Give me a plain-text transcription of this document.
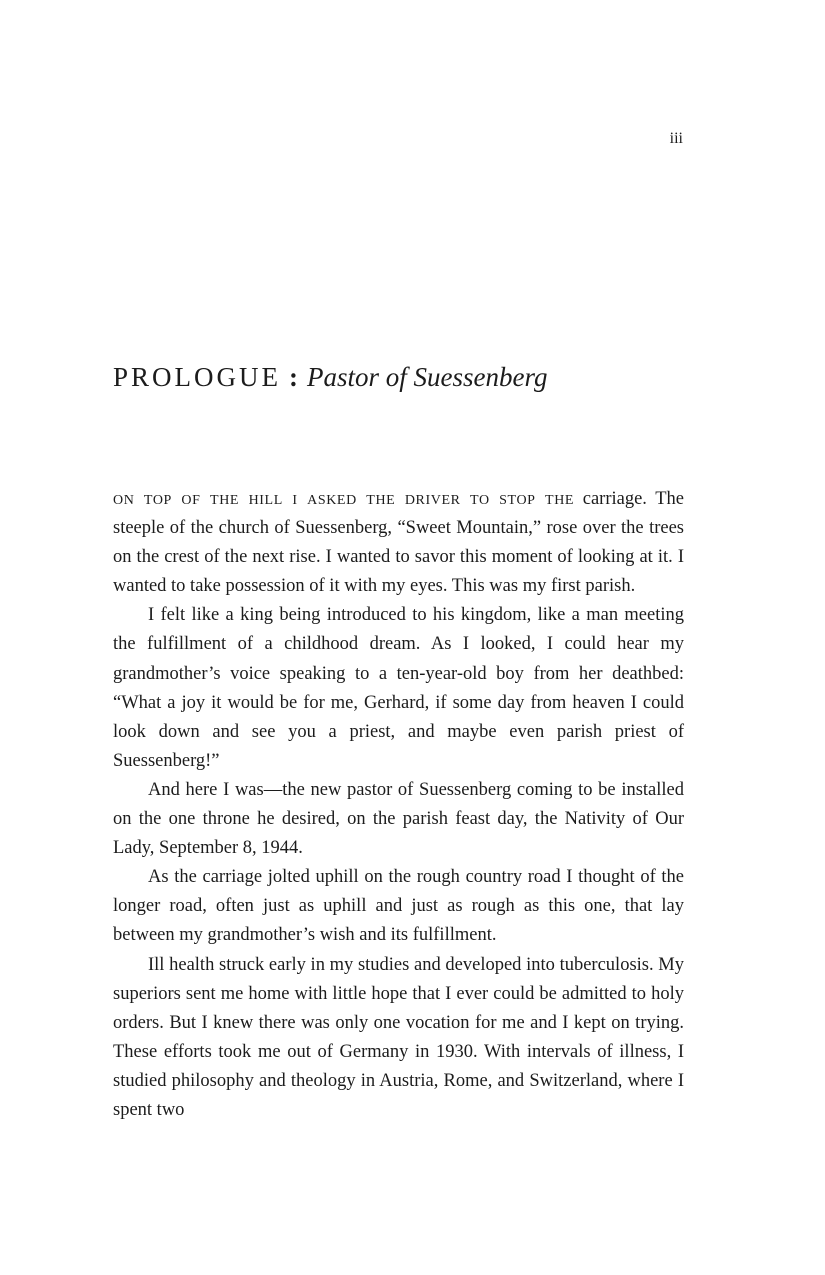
iii
PROLOGUE : Pastor of Suessenberg

on top of the hill i asked the driver to stop the carriage. The steeple of the church of Suessenberg, “Sweet Mountain,” rose over the trees on the crest of the next rise. I wanted to savor this moment of looking at it. I wanted to take possession of it with my eyes. This was my first parish.

I felt like a king being introduced to his kingdom, like a man meeting the fulfillment of a childhood dream. As I looked, I could hear my grandmother’s voice speaking to a ten-year-old boy from her deathbed: “What a joy it would be for me, Gerhard, if some day from heaven I could look down and see you a priest, and maybe even parish priest of Suessenberg!”

And here I was—the new pastor of Suessenberg coming to be installed on the one throne he desired, on the parish feast day, the Nativity of Our Lady, September 8, 1944.

As the carriage jolted uphill on the rough country road I thought of the longer road, often just as uphill and just as rough as this one, that lay between my grandmother’s wish and its fulfillment.

Ill health struck early in my studies and developed into tuberculosis. My superiors sent me home with little hope that I ever could be admitted to holy orders. But I knew there was only one vocation for me and I kept on trying. These efforts took me out of Germany in 1930. With intervals of illness, I studied philosophy and theology in Austria, Rome, and Switzerland, where I spent two
